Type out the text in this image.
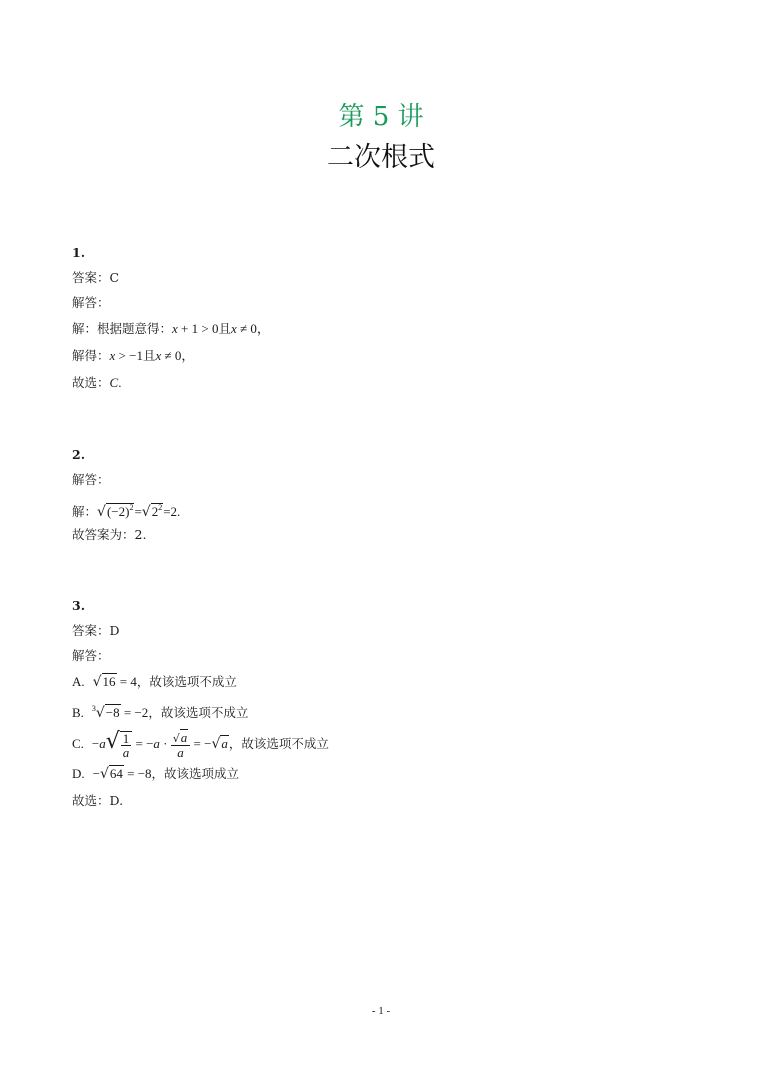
第 5 讲
二次根式
1.
答案：C
解答：
解：根据题意得：x + 1 > 0且x ≠ 0，
解得：x > −1且x ≠ 0，
故选：C.
2.
解答：
解：$√(-2)^2=√2^2=2$.
故答案为：2.
3.
答案：D
解答：
A. √16 = 4，故该选项不成立
B. $^3$√−8 = −2，故该选项不成立
C. $-a√ \frac{1}{a} = -a \cdot \frac{√a}{a} = -√a$，故该选项不成立
D. −√64 = −8，故该选项成立
故选：D.
- 1 -
